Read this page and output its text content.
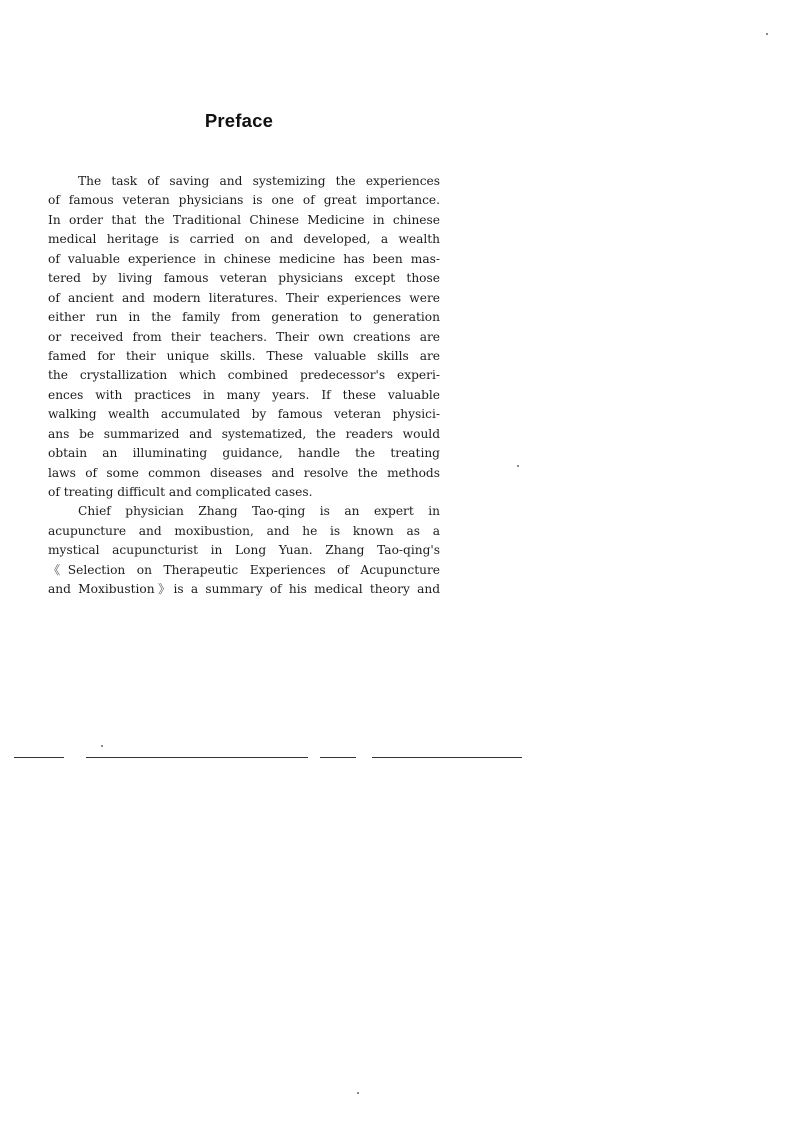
Preface
The task of saving and systemizing the experiences
of famous veteran physicians is one of great importance.
In order that the Traditional Chinese Medicine in chinese
medical heritage is carried on and developed, a wealth
of valuable experience in chinese medicine has been mas-
tered by living famous veteran physicians except those
of ancient and modern literatures. Their experiences were
either run in the family from generation to generation
or received from their teachers. Their own creations are
famed for their unique skills. These valuable skills are
the crystallization which combined predecessor's experi-
ences with practices in many years. If these valuable
walking wealth accumulated by famous veteran physici-
ans be summarized and systematized, the readers would
obtain an illuminating guidance, handle the treating
laws of some common diseases and resolve the methods
of treating difficult and complicated cases.
Chief physician Zhang Tao-qing is an expert in
acupuncture and moxibustion, and he is known as a
mystical acupuncturist in Long Yuan. Zhang Tao-qing's
《Selection on Therapeutic Experiences of Acupuncture
and Moxibustion》is a summary of his medical theory and
